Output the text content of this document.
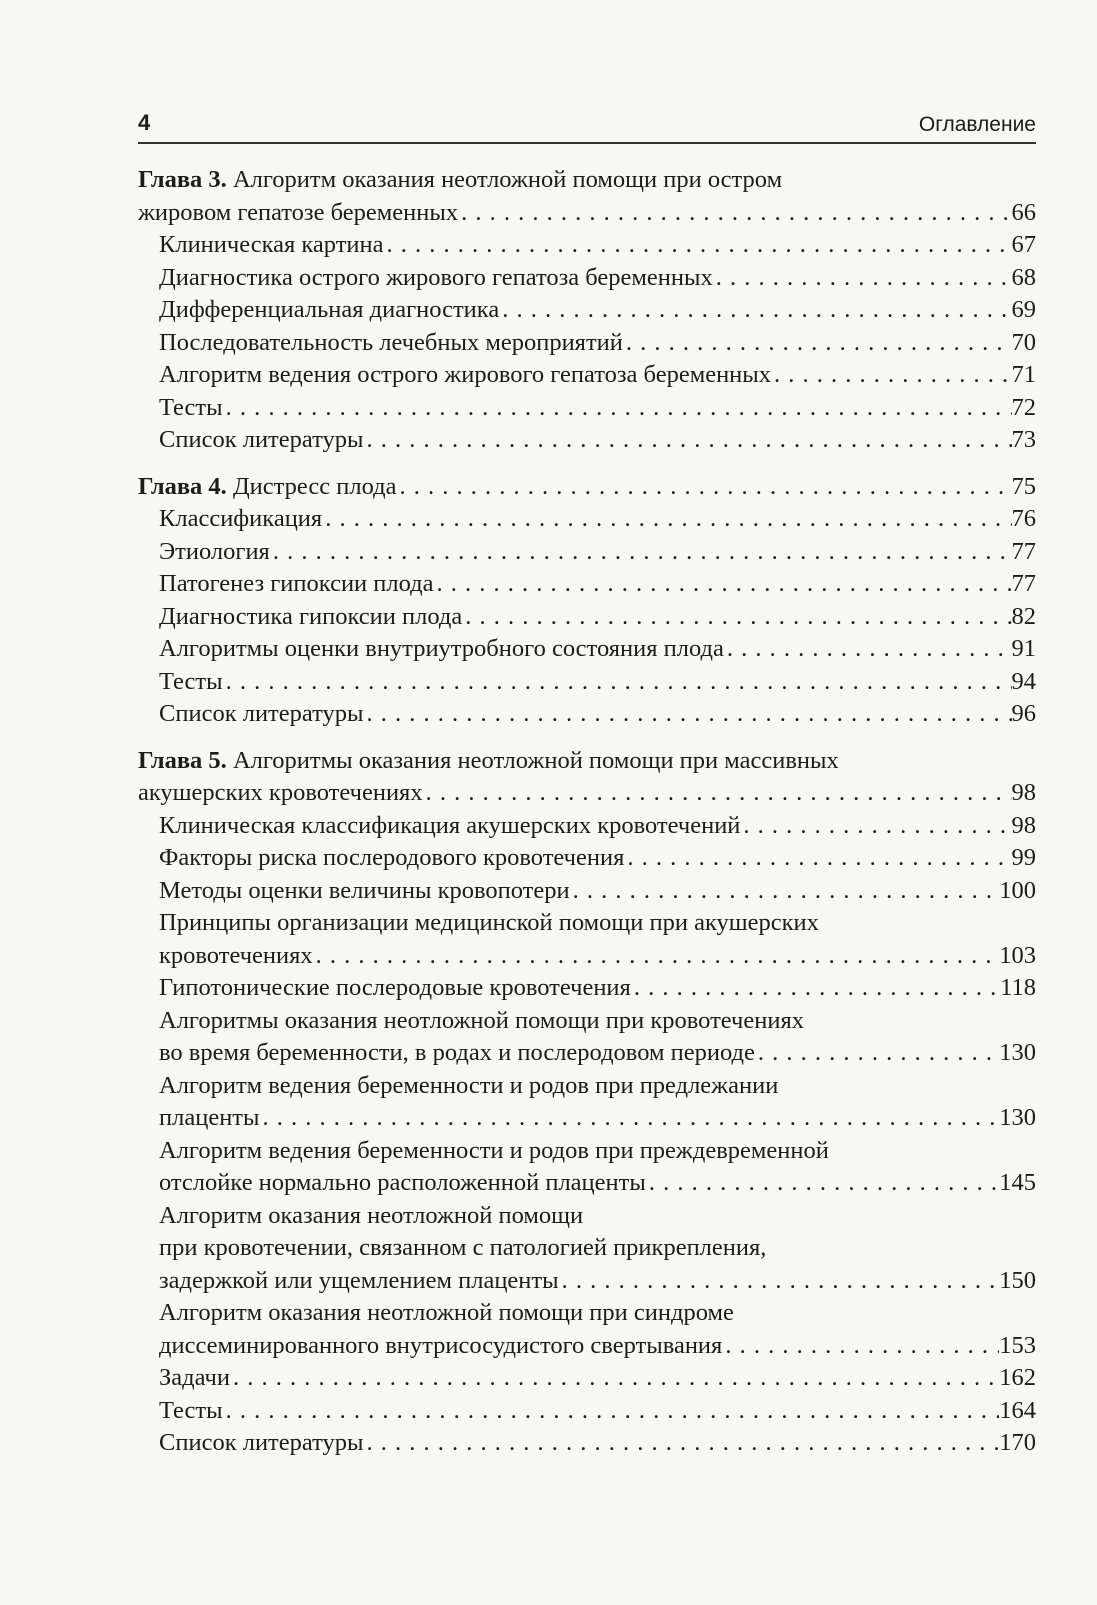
4	Оглавление
Глава 3. Алгоритм оказания неотложной помощи при остром
жировом гепатозе беременных . . .	66
Клиническая картина . . .	67
Диагностика острого жирового гепатоза беременных . . .	68
Дифференциальная диагностика . . .	69
Последовательность лечебных мероприятий . . .	70
Алгоритм ведения острого жирового гепатоза беременных . . .	71
Тесты . . .	72
Список литературы . . .	73
Глава 4. Дистресс плода . . .	75
Классификация . . .	76
Этиология . . .	77
Патогенез гипоксии плода . . .	77
Диагностика гипоксии плода . . .	82
Алгоритмы оценки внутриутробного состояния плода . . .	91
Тесты . . .	94
Список литературы . . .	96
Глава 5. Алгоритмы оказания неотложной помощи при массивных
акушерских кровотечениях . . .	98
Клиническая классификация акушерских кровотечений . . .	98
Факторы риска послеродового кровотечения . . .	99
Методы оценки величины кровопотери . . .	100
Принципы организации медицинской помощи при акушерских
кровотечениях . . .	103
Гипотонические послеродовые кровотечения . . .	118
Алгоритмы оказания неотложной помощи при кровотечениях
во время беременности, в родах и послеродовом периоде . . .	130
Алгоритм ведения беременности и родов при предлежании
плаценты . . .	130
Алгоритм ведения беременности и родов при преждевременной
отслойке нормально расположенной плаценты . . .	145
Алгоритм оказания неотложной помощи
при кровотечении, связанном с патологией прикрепления,
задержкой или ущемлением плаценты . . .	150
Алгоритм оказания неотложной помощи при синдроме
диссеминированного внутрисосудистого свертывания . . .	153
Задачи . . .	162
Тесты . . .	164
Список литературы . . .	170
